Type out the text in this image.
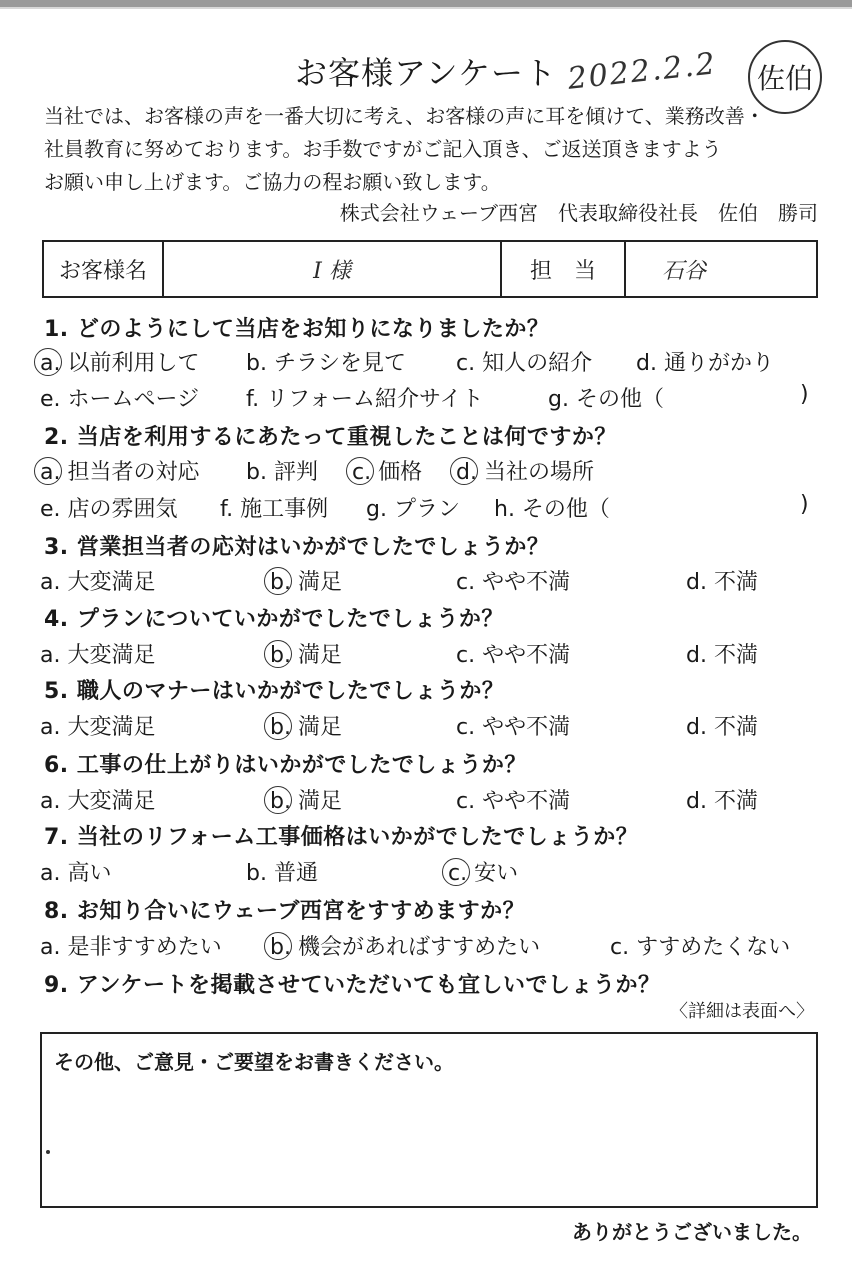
お客様アンケート 2022.2.2	佐伯
当社では、お客様の声を一番大切に考え、お客様の声に耳を傾けて、業務改善・
社員教育に努めております。お手数ですがご記入頂き、ご返送頂きますよう
お願い申し上げます。ご協力の程お願い致します。
株式会社ウェーブ西宮　代表取締役社長　佐伯　勝司
お客様名	I 様	担　当	石谷
1. どのようにして当店をお知りになりましたか？
a. 以前利用して b. チラシを見て c. 知人の紹介 d. 通りがかり
e. ホームページ f. リフォーム紹介サイト	g. その他（	)
2. 当店を利用するにあたって重視したことは何ですか？
a. 担当者の対応 b. 評判 c. 価格 d. 当社の場所
e. 店の雰囲気 f. 施工事例 g. プラン h. その他（	)
3. 営業担当者の応対はいかがでしたでしょうか？
a. 大変満足	b. 満足	c. やや不満	d. 不満
4. プランについていかがでしたでしょうか？
a. 大変満足	b. 満足	c. やや不満	d. 不満
5. 職人のマナーはいかがでしたでしょうか？
a. 大変満足	b. 満足	c. やや不満	d. 不満
6. 工事の仕上がりはいかがでしたでしょうか？
a. 大変満足	b. 満足	c. やや不満	d. 不満
7. 当社のリフォーム工事価格はいかがでしたでしょうか？
a. 高い	b. 普通	c. 安い
8. お知り合いにウェーブ西宮をすすめますか？
a. 是非すすめたい b. 機会があればすすめたい	c. すすめたくない
9. アンケートを掲載させていただいても宜しいでしょうか？
〈詳細は表面へ〉
その他、ご意見・ご要望をお書きください。
ありがとうございました。
